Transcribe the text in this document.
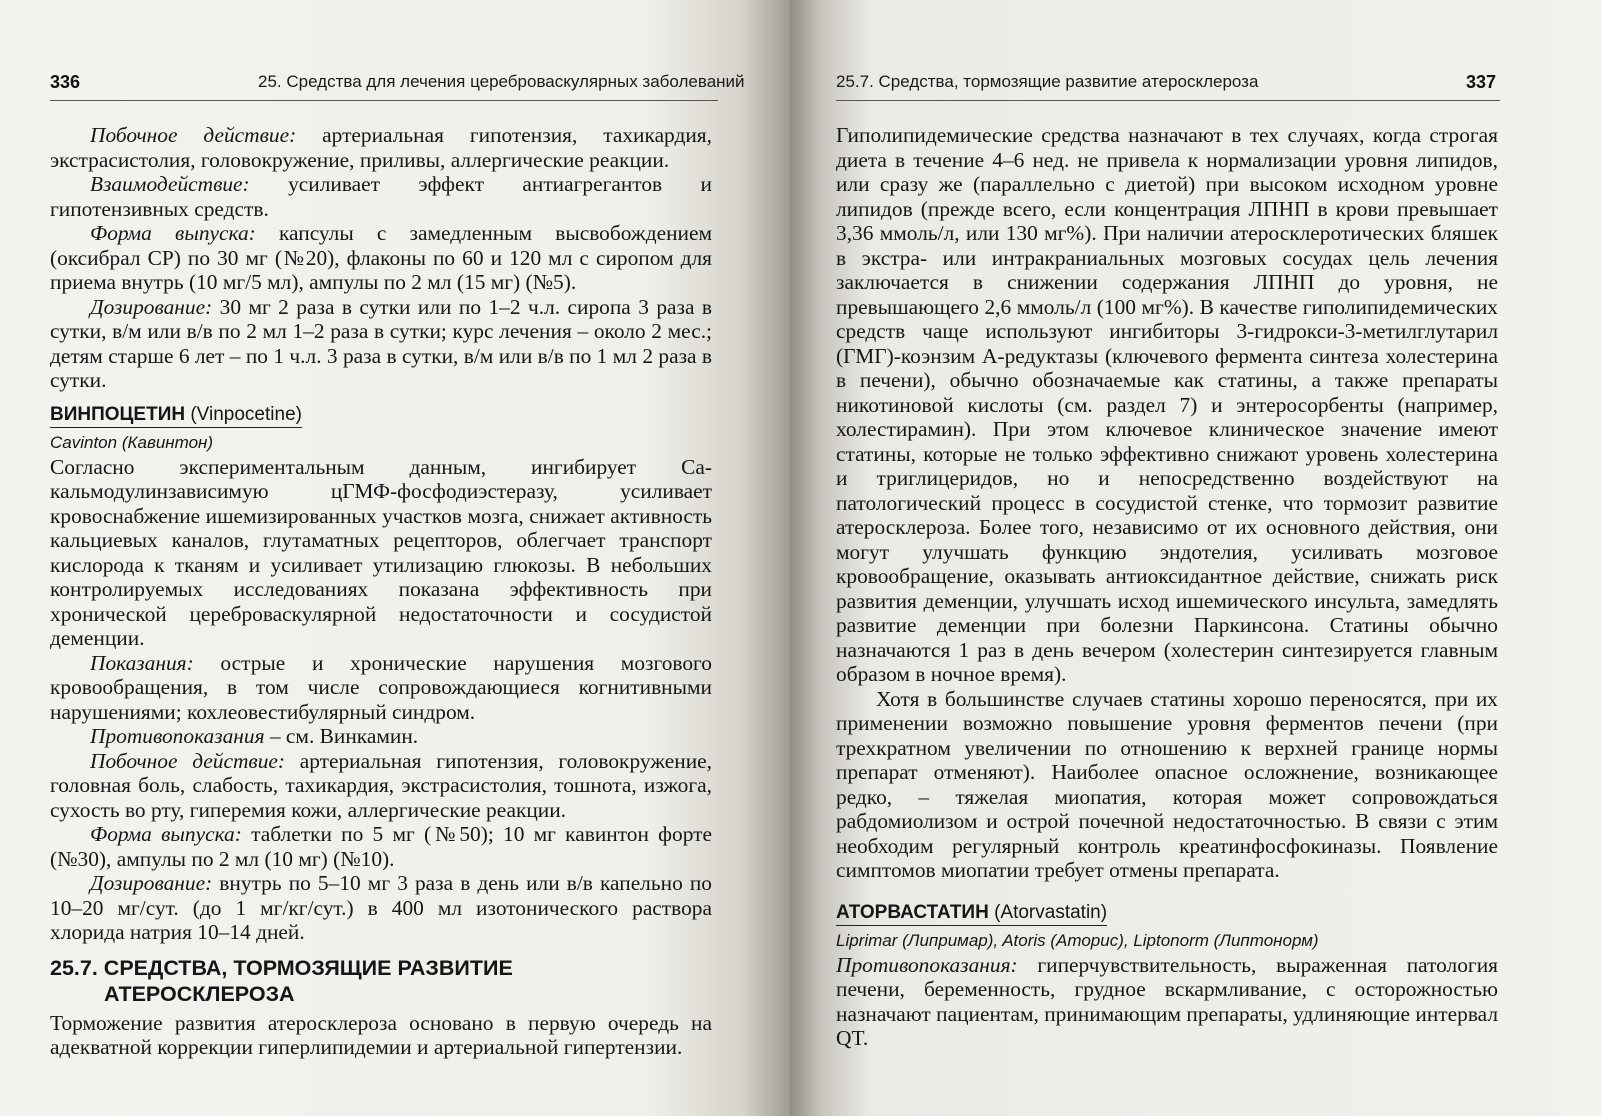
336	25. Средства для лечения цереброваскулярных заболеваний

Побочное действие: артериальная гипотензия, тахикардия, экстрасистолия, головокружение, приливы, аллергические реакции.

Взаимодействие: усиливает эффект антиагрегантов и гипотензивных средств.

Форма выпуска: капсулы с замедленным высвобождением (оксибрал СР) по 30 мг (№20), флаконы по 60 и 120 мл с сиропом для приема внутрь (10 мг/5 мл), ампулы по 2 мл (15 мг) (№5).

Дозирование: 30 мг 2 раза в сутки или по 1–2 ч.л. сиропа 3 раза в сутки, в/м или в/в по 2 мл 1–2 раза в сутки; курс лечения – около 2 мес.; детям старше 6 лет – по 1 ч.л. 3 раза в сутки, в/м или в/в по 1 мл 2 раза в сутки.

ВИНПОЦЕТИН (Vinpocetine)

Cavinton (Кавинтон)

Согласно экспериментальным данным, ингибирует Са-кальмодулинзависимую цГМФ-фосфодиэстеразу, усиливает кровоснабжение ишемизированных участков мозга, снижает активность кальциевых каналов, глутаматных рецепторов, облегчает транспорт кислорода к тканям и усиливает утилизацию глюкозы. В небольших контролируемых исследованиях показана эффективность при хронической цереброваскулярной недостаточности и сосудистой деменции.

Показания: острые и хронические нарушения мозгового кровообращения, в том числе сопровождающиеся когнитивными нарушениями; кохлеовестибулярный синдром.

Противопоказания – см. Винкамин.

Побочное действие: артериальная гипотензия, головокружение, головная боль, слабость, тахикардия, экстрасистолия, тошнота, изжога, сухость во рту, гиперемия кожи, аллергические реакции.

Форма выпуска: таблетки по 5 мг (№50); 10 мг кавинтон форте (№30), ампулы по 2 мл (10 мг) (№10).

Дозирование: внутрь по 5–10 мг 3 раза в день или в/в капельно по 10–20 мг/сут. (до 1 мг/кг/сут.) в 400 мл изотонического раствора хлорида натрия 10–14 дней.

25.7. СРЕДСТВА, ТОРМОЗЯЩИЕ РАЗВИТИЕ
АТЕРОСКЛЕРОЗА

Торможение развития атеросклероза основано в первую очередь на адекватной коррекции гиперлипидемии и артериальной гипертензии.

25.7. Средства, тормозящие развитие атеросклероза	337

Гиполипидемические средства назначают в тех случаях, когда строгая диета в течение 4–6 нед. не привела к нормализации уровня липидов, или сразу же (параллельно с диетой) при высоком исходном уровне липидов (прежде всего, если концентрация ЛПНП в крови превышает 3,36 ммоль/л, или 130 мг%). При наличии атеросклеротических бляшек в экстра- или интракраниальных мозговых сосудах цель лечения заключается в снижении содержания ЛПНП до уровня, не превышающего 2,6 ммоль/л (100 мг%). В качестве гиполипидемических средств чаще используют ингибиторы 3-гидрокси-3-метилглутарил (ГМГ)-коэнзим А-редуктазы (ключевого фермента синтеза холестерина в печени), обычно обозначаемые как статины, а также препараты никотиновой кислоты (см. раздел 7) и энтеросорбенты (например, холестирамин). При этом ключевое клиническое значение имеют статины, которые не только эффективно снижают уровень холестерина и триглицеридов, но и непосредственно воздействуют на патологический процесс в сосудистой стенке, что тормозит развитие атеросклероза. Более того, независимо от их основного действия, они могут улучшать функцию эндотелия, усиливать мозговое кровообращение, оказывать антиоксидантное действие, снижать риск развития деменции, улучшать исход ишемического инсульта, замедлять развитие деменции при болезни Паркинсона. Статины обычно назначаются 1 раз в день вечером (холестерин синтезируется главным образом в ночное время).

Хотя в большинстве случаев статины хорошо переносятся, при их применении возможно повышение уровня ферментов печени (при трехкратном увеличении по отношению к верхней границе нормы препарат отменяют). Наиболее опасное осложнение, возникающее редко, – тяжелая миопатия, которая может сопровождаться рабдомиолизом и острой почечной недостаточностью. В связи с этим необходим регулярный контроль креатинфосфокиназы. Появление симптомов миопатии требует отмены препарата.

АТОРВАСТАТИН (Atorvastatin)

Liprimar (Липримар), Atoris (Аторис), Liptonorm (Липтонорм)

Противопоказания: гиперчувствительность, выраженная патология печени, беременность, грудное вскармливание, с осторожностью назначают пациентам, принимающим препараты, удлиняющие интервал QT.
